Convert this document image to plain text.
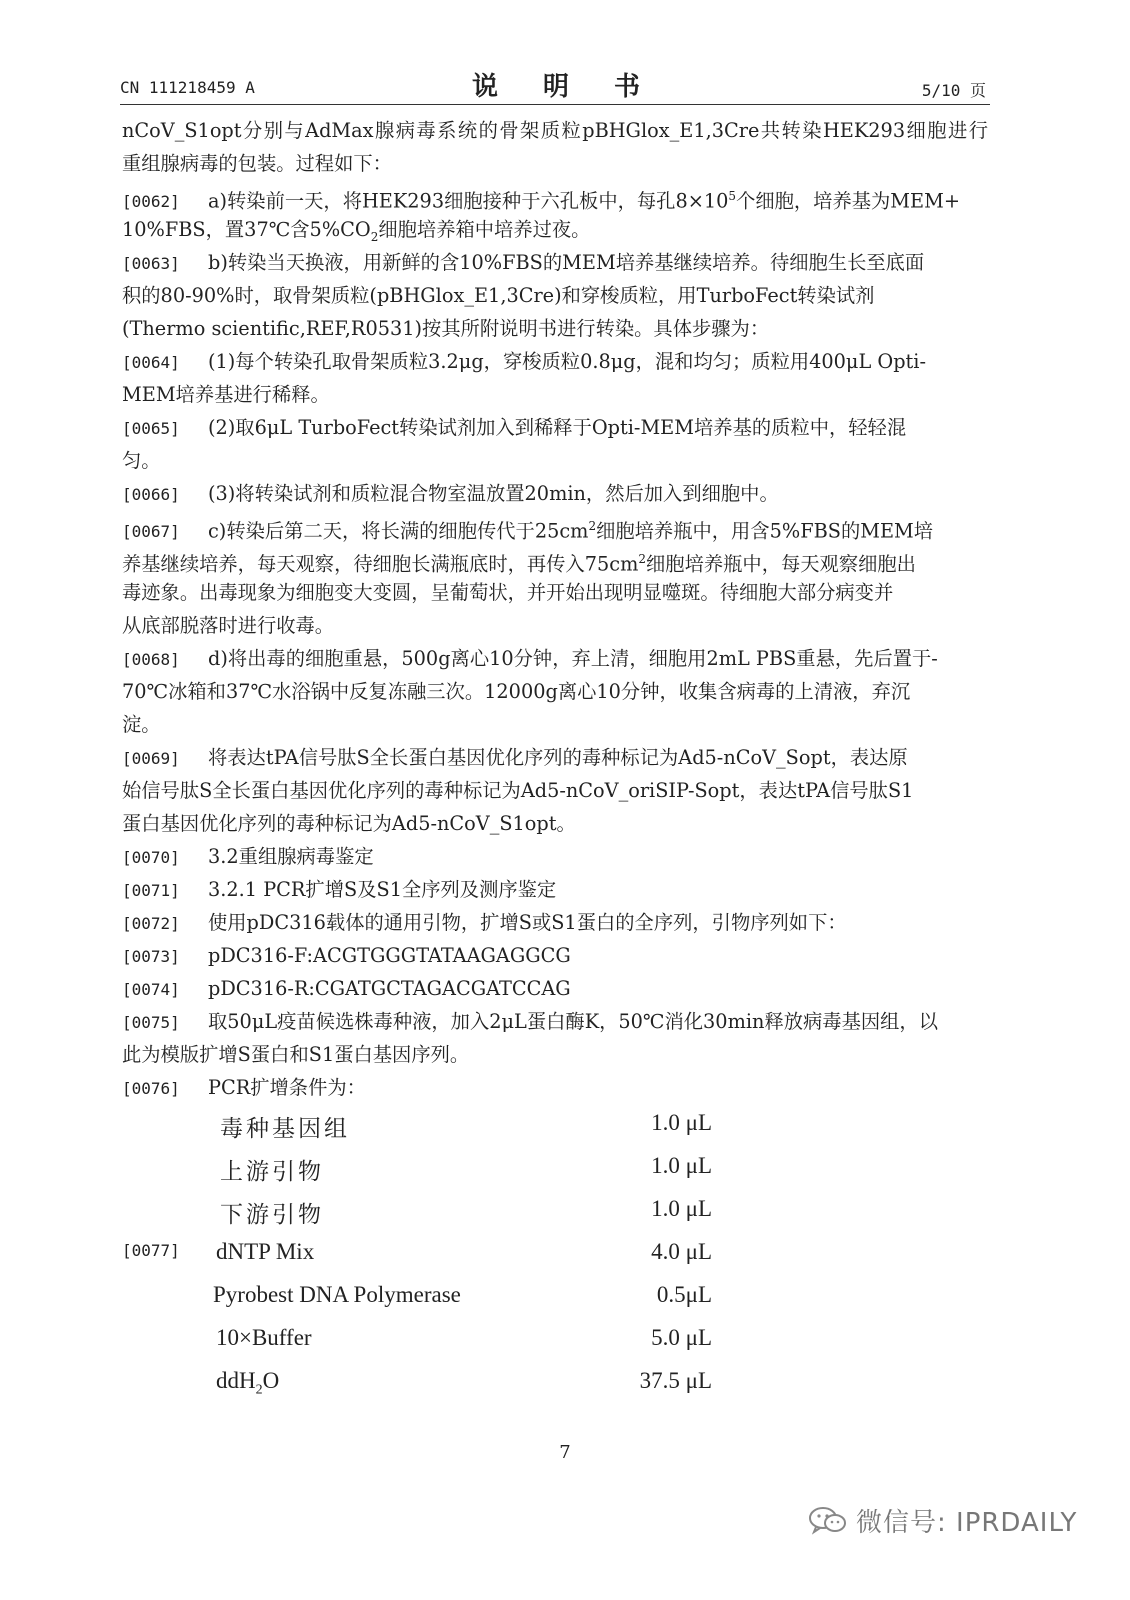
CN 111218459 A	说 明 书	5/10 页
nCoV_S1opt分别与AdMax腺病毒系统的骨架质粒pBHGlox_E1,3Cre共转染HEK293细胞进行
重组腺病毒的包装。过程如下：
[0062] a)转染前一天，将HEK293细胞接种于六孔板中，每孔$8\times 10^5$个细胞，培养基为MEM+
10%FBS，置37℃含$5\%CO_2$细胞培养箱中培养过夜。
[0063] b)转染当天换液，用新鲜的含10%FBS的MEM培养基继续培养。待细胞生长至底面
积的80-90%时，取骨架质粒(pBHGlox_E1,3Cre)和穿梭质粒，用TurboFect转染试剂
(Thermo scientific,REF,R0531)按其所附说明书进行转染。具体步骤为：
[0064] (1)每个转染孔取骨架质粒3.2μg，穿梭质粒0.8μg，混和均匀；质粒用400μL Opti-
MEM培养基进行稀释。
[0065] (2)取6μL TurboFect转染试剂加入到稀释于Opti-MEM培养基的质粒中，轻轻混
匀。
[0066] (3)将转染试剂和质粒混合物室温放置20min，然后加入到细胞中。
[0067] c)转染后第二天，将长满的细胞传代于$25cm^2$细胞培养瓶中，用含5%FBS的MEM培
养基继续培养，每天观察，待细胞长满瓶底时，再传入$75cm^2$细胞培养瓶中，每天观察细胞出
毒迹象。出毒现象为细胞变大变圆，呈葡萄状，并开始出现明显噬斑。待细胞大部分病变并
从底部脱落时进行收毒。
[0068] d)将出毒的细胞重悬，500g离心10分钟，弃上清，细胞用2mL PBS重悬，先后置于-
70℃冰箱和37℃水浴锅中反复冻融三次。12000g离心10分钟，收集含病毒的上清液，弃沉
淀。
[0069] 将表达tPA信号肽S全长蛋白基因优化序列的毒种标记为Ad5-nCoV_Sopt，表达原
始信号肽S全长蛋白基因优化序列的毒种标记为Ad5-nCoV_oriSIP-Sopt，表达tPA信号肽S1
蛋白基因优化序列的毒种标记为Ad5-nCoV_S1opt。
[0070] 3.2重组腺病毒鉴定
[0071] 3.2.1 PCR扩增S及S1全序列及测序鉴定
[0072] 使用pDC316载体的通用引物，扩增S或S1蛋白的全序列，引物序列如下：
[0073] pDC316-F:ACGTGGGTATAAGAGGCG
[0074] pDC316-R:CGATGCTAGACGATCCAG
[0075] 取50μL疫苗候选株毒种液，加入2μL蛋白酶K，50℃消化30min释放病毒基因组，以
此为模版扩增S蛋白和S1蛋白基因序列。
[0076] PCR扩增条件为：
毒种基因组	1.0 μL
上游引物	1.0 μL
下游引物	1.0 μL
[0077] dNTP Mix	4.0 μL
Pyrobest DNA Polymerase	0.5μL
10×Buffer	5.0 μL
ddH$_2$O	37.5 μL
7
微信号: IPRDAILY
